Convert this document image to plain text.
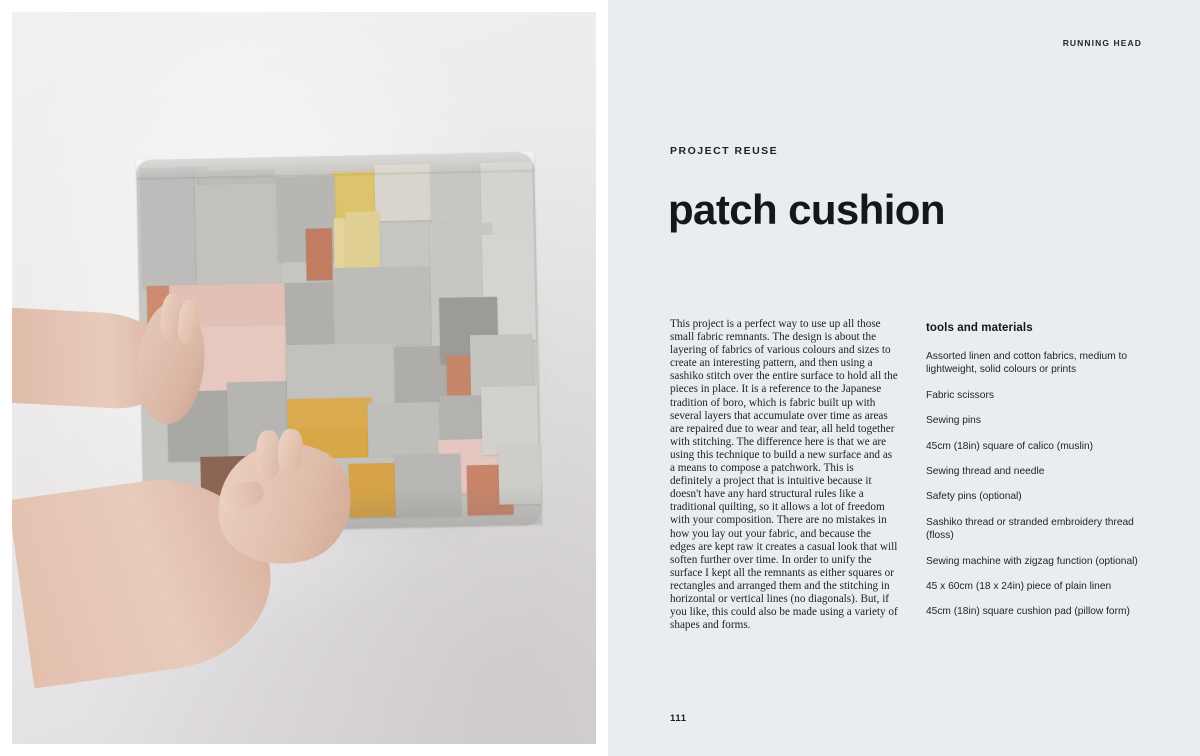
RUNNING HEAD
PROJECT REUSE
patch cushion
This project is a perfect way to use up all those small fabric remnants. The design is about the layering of fabrics of various colours and sizes to create an interesting pattern, and then using a sashiko stitch over the entire surface to hold all the pieces in place. It is a reference to the Japanese tradition of boro, which is fabric built up with several layers that accumulate over time as areas are repaired due to wear and tear, all held together with stitching. The difference here is that we are using this technique to build a new surface and as a means to compose a patchwork. This is definitely a project that is intuitive because it doesn't have any hard structural rules like a traditional quilting, so it allows a lot of freedom with your composition. There are no mistakes in how you lay out your fabric, and because the edges are kept raw it creates a casual look that will soften further over time. In order to unify the surface I kept all the remnants as either squares or rectangles and arranged them and the stitching in horizontal or vertical lines (no diagonals). But, if you like, this could also be made using a variety of shapes and forms.
tools and materials
Assorted linen and cotton fabrics, medium to lightweight, solid colours or prints
Fabric scissors
Sewing pins
45cm (18in) square of calico (muslin)
Sewing thread and needle
Safety pins (optional)
Sashiko thread or stranded embroidery thread (floss)
Sewing machine with zigzag function (optional)
45 x 60cm (18 x 24in) piece of plain linen
45cm (18in) square cushion pad (pillow form)
111
